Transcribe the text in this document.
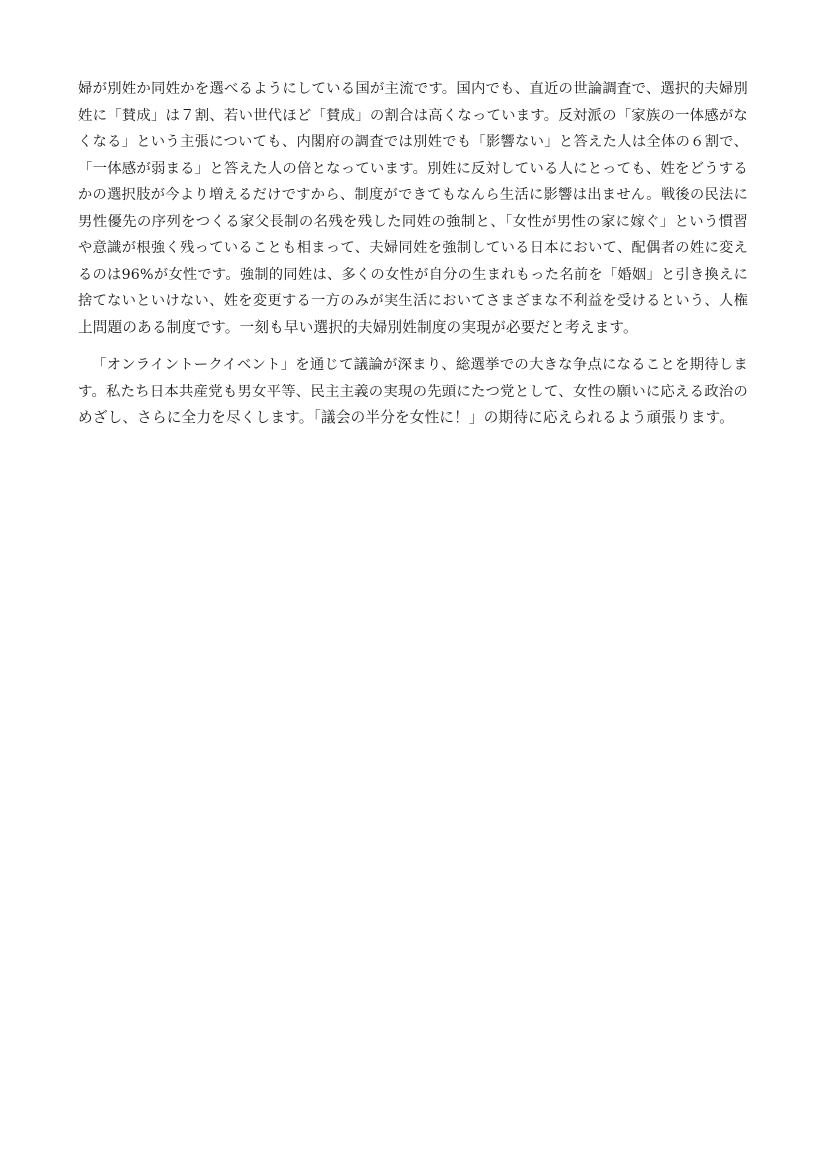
婦が別姓か同姓かを選べるようにしている国が主流です。国内でも、直近の世論調査で、選択的夫婦別
姓に「賛成」は７割、若い世代ほど「賛成」の割合は高くなっています。反対派の「家族の一体感がな
くなる」という主張についても、内閣府の調査では別姓でも「影響ない」と答えた人は全体の６割で、
「一体感が弱まる」と答えた人の倍となっています。別姓に反対している人にとっても、姓をどうする
かの選択肢が今より増えるだけですから、制度ができてもなんら生活に影響は出ません。戦後の民法に
男性優先の序列をつくる家父長制の名残を残した同姓の強制と、「女性が男性の家に嫁ぐ」という慣習
や意識が根強く残っていることも相まって、夫婦同姓を強制している日本において、配偶者の姓に変え
るのは96%が女性です。強制的同姓は、多くの女性が自分の生まれもった名前を「婚姻」と引き換えに
捨てないといけない、姓を変更する一方のみが実生活においてさまざまな不利益を受けるという、人権
上問題のある制度です。一刻も早い選択的夫婦別姓制度の実現が必要だと考えます。
「オンライントークイベント」を通じて議論が深まり、総選挙での大きな争点になることを期待しま
す。私たち日本共産党も男女平等、民主主義の実現の先頭にたつ党として、女性の願いに応える政治の
めざし、さらに全力を尽くします。「議会の半分を女性に！」の期待に応えられるよう頑張ります。
